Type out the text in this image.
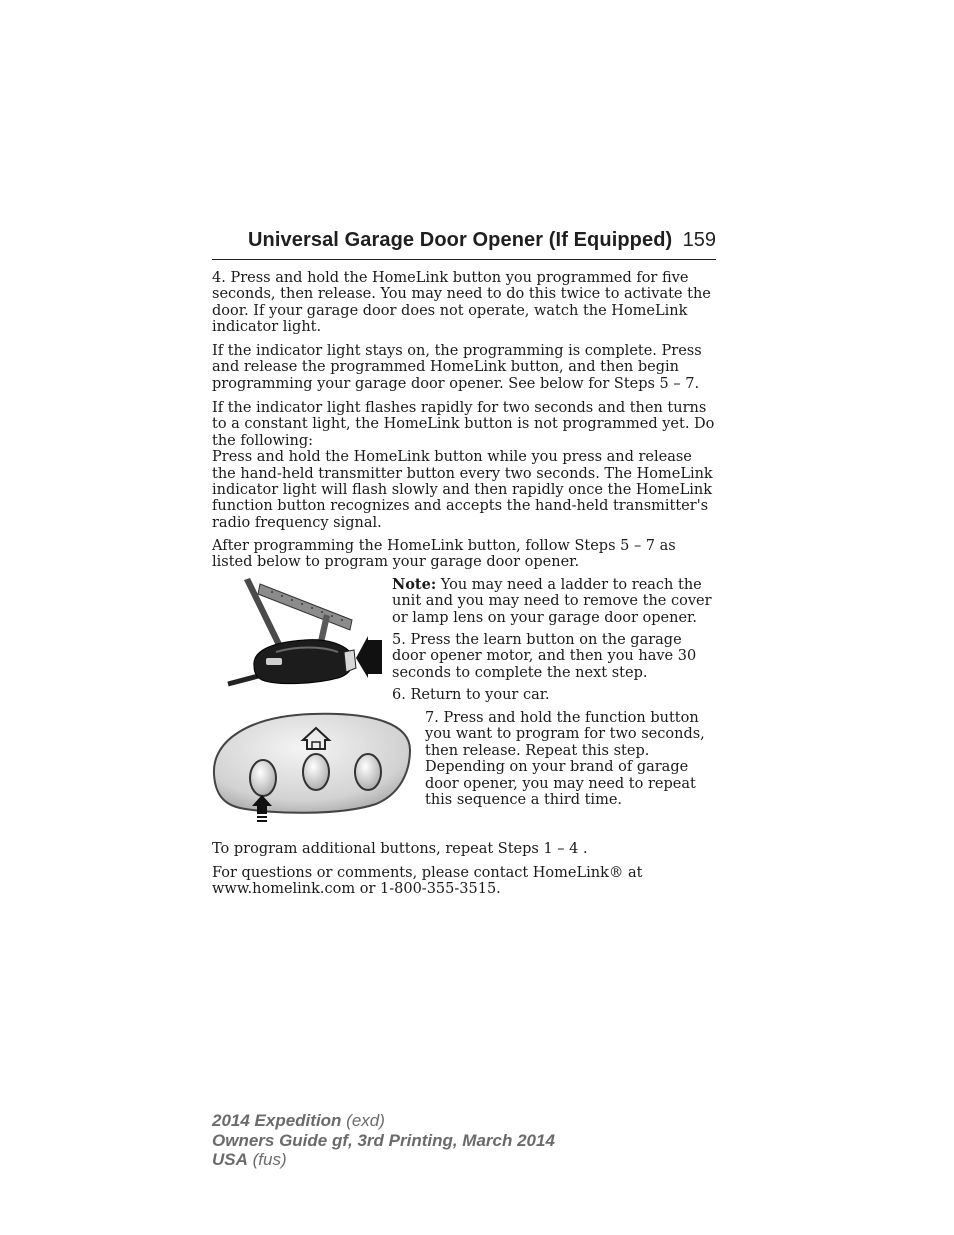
Universal Garage Door Opener (If Equipped) 159

4. Press and hold the HomeLink button you programmed for five seconds, then release. You may need to do this twice to activate the door. If your garage door does not operate, watch the HomeLink indicator light.

If the indicator light stays on, the programming is complete. Press and release the programmed HomeLink button, and then begin programming your garage door opener. See below for Steps 5 – 7.

If the indicator light flashes rapidly for two seconds and then turns to a constant light, the HomeLink button is not programmed yet. Do the following:

Press and hold the HomeLink button while you press and release the hand-held transmitter button every two seconds. The HomeLink indicator light will flash slowly and then rapidly once the HomeLink function button recognizes and accepts the hand-held transmitter's radio frequency signal.

After programming the HomeLink button, follow Steps 5 – 7 as listed below to program your garage door opener.

Note: You may need a ladder to reach the unit and you may need to remove the cover or lamp lens on your garage door opener.

5. Press the learn button on the garage door opener motor, and then you have 30 seconds to complete the next step.

6. Return to your car.

7. Press and hold the function button you want to program for two seconds, then release. Repeat this step. Depending on your brand of garage door opener, you may need to repeat this sequence a third time.

To program additional buttons, repeat Steps 1 – 4 .

For questions or comments, please contact HomeLink® at

www.homelink.com or 1-800-355-3515.

2014 Expedition (exd)
Owners Guide gf, 3rd Printing, March 2014
USA (fus)
